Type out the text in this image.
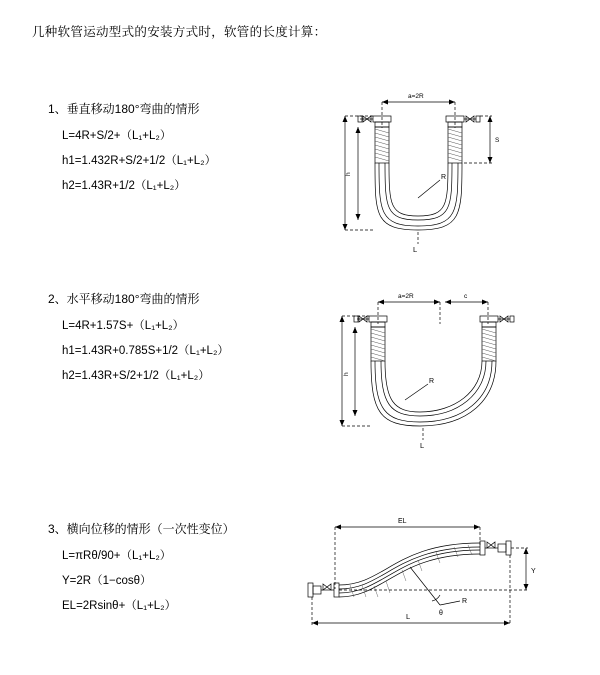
几种软管运动型式的安装方式时，软管的长度计算：
1、垂直移动180°弯曲的情形
L=4R+S/2+（L₁+L₂）
h1=1.432R+S/2+1/2（L₁+L₂）
h2=1.43R+1/2（L₁+L₂）
a=2R
R
h
S
L
2、水平移动180°弯曲的情形
L=4R+1.57S+（L₁+L₂）
h1=1.43R+0.785S+1/2（L₁+L₂）
h2=1.43R+S/2+1/2（L₁+L₂）
a=2R	c
R
h
L
3、横向位移的情形（一次性变位）
L=πRθ/90+（L₁+L₂）
Y=2R（1−cosθ）
EL=2Rsinθ+（L₁+L₂）
EL
θ
R
Y
L
